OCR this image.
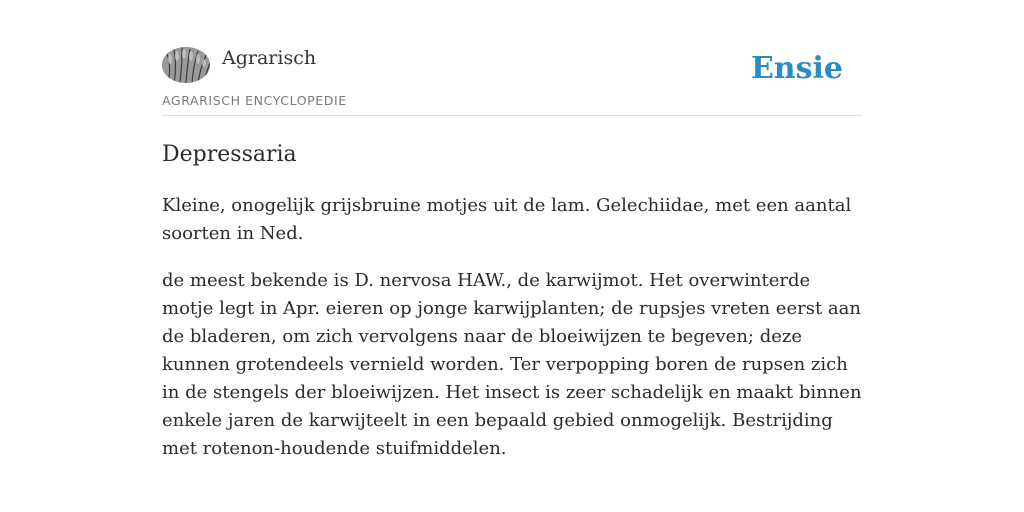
Agrarisch
AGRARISCH ENCYCLOPEDIE
Ensie
Depressaria

Kleine, onogelijk grijsbruine motjes uit de lam. Gelechiidae, met een aantal soorten in Ned.

de meest bekende is D. nervosa HAW., de karwijmot. Het overwinterde motje legt in Apr. eieren op jonge karwijplanten; de rupsjes vreten eerst aan de bladeren, om zich vervolgens naar de bloeiwijzen te begeven; deze kunnen grotendeels vernield worden. Ter verpopping boren de rupsen zich in de stengels der bloeiwijzen. Het insect is zeer schadelijk en maakt binnen enkele jaren de karwijteelt in een bepaald gebied onmogelijk. Bestrijding met rotenon-houdende stuifmiddelen.
